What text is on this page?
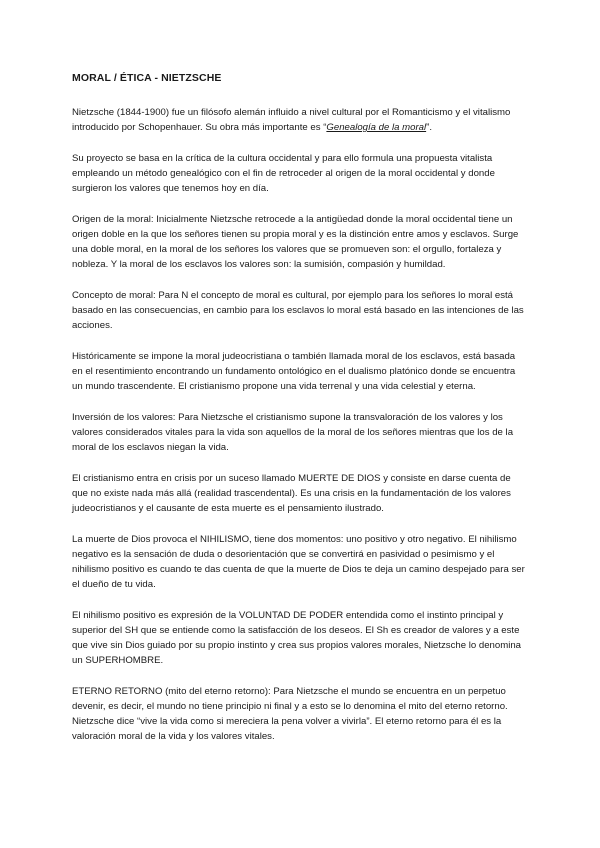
MORAL / ÉTICA - NIETZSCHE

Nietzsche (1844-1900) fue un filósofo alemán influido a nivel cultural por el Romanticismo y el vitalismo introducido por Schopenhauer. Su obra más importante es “Genealogía de la moral”.

Su proyecto se basa en la crítica de la cultura occidental y para ello formula una propuesta vitalista empleando un método genealógico con el fin de retroceder al origen de la moral occidental y donde surgieron los valores que tenemos hoy en día.

Origen de la moral: Inicialmente Nietzsche retrocede a la antigüedad donde la moral occidental tiene un origen doble en la que los señores tienen su propia moral y es la distinción entre amos y esclavos. Surge una doble moral, en la moral de los señores los valores que se promueven son: el orgullo, fortaleza y nobleza. Y la moral de los esclavos los valores son: la sumisión, compasión y humildad.

Concepto de moral: Para N el concepto de moral es cultural, por ejemplo para los señores lo moral está basado en las consecuencias, en cambio para los esclavos lo moral está basado en las intenciones de las acciones.

Históricamente se impone la moral judeocristiana o también llamada moral de los esclavos, está basada en el resentimiento encontrando un fundamento ontológico en el dualismo platónico donde se encuentra un mundo trascendente. El cristianismo propone una vida terrenal y una vida celestial y eterna.

Inversión de los valores: Para Nietzsche el cristianismo supone la transvaloración de los valores y los valores considerados vitales para la vida son aquellos de la moral de los señores mientras que los de la moral de los esclavos niegan la vida.

El cristianismo entra en crisis por un suceso llamado MUERTE DE DIOS y consiste en darse cuenta de que no existe nada más allá (realidad trascendental). Es una crisis en la fundamentación de los valores judeocristianos y el causante de esta muerte es el pensamiento ilustrado.

La muerte de Dios provoca el NIHILISMO, tiene dos momentos: uno positivo y otro negativo. El nihilismo negativo es la sensación de duda o desorientación que se convertirá en pasividad o pesimismo y el nihilismo positivo es cuando te das cuenta de que la muerte de Dios te deja un camino despejado para ser el dueño de tu vida.

El nihilismo positivo es expresión de la VOLUNTAD DE PODER entendida como el instinto principal y superior del SH que se entiende como la satisfacción de los deseos. El Sh es creador de valores y a este que vive sin Dios guiado por su propio instinto y crea sus propios valores morales, Nietzsche lo denomina un SUPERHOMBRE.

ETERNO RETORNO (mito del eterno retorno): Para Nietzsche el mundo se encuentra en un perpetuo devenir, es decir, el mundo no tiene principio ni final y a esto se lo denomina el mito del eterno retorno. Nietzsche dice “vive la vida como si mereciera la pena volver a vivirla”. El eterno retorno para él es la valoración moral de la vida y los valores vitales.
